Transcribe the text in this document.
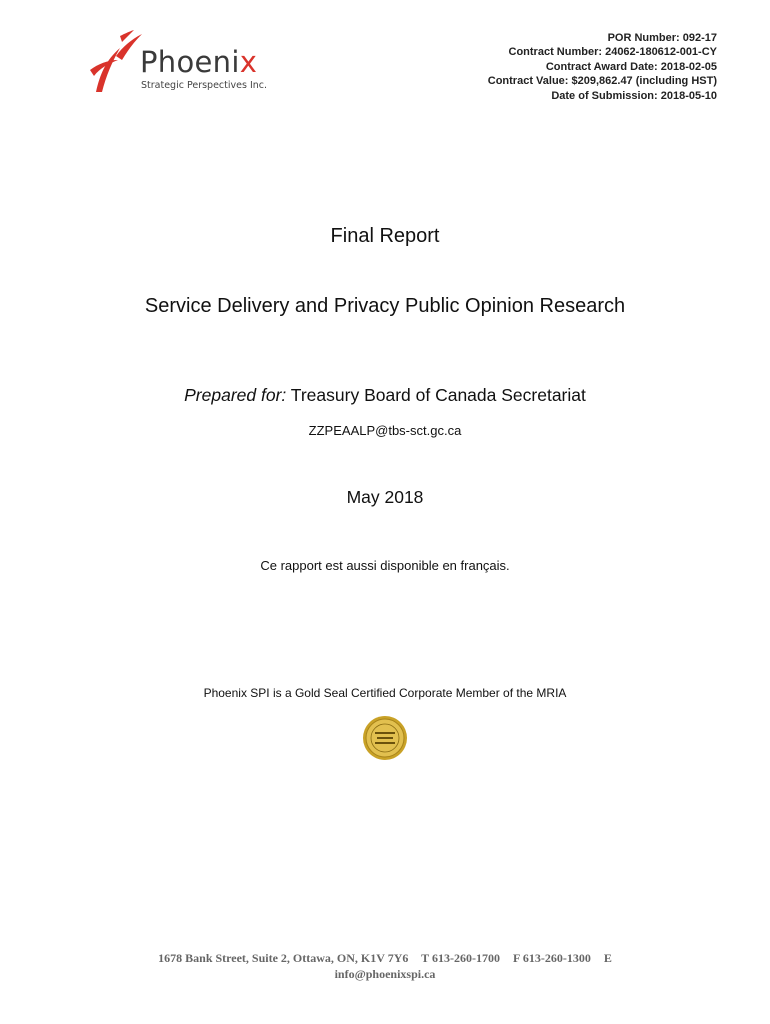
Phoenix
Strategic Perspectives Inc.
POR Number: 092-17
Contract Number: 24062-180612-001-CY
Contract Award Date: 2018-02-05
Contract Value: $209,862.47 (including HST)
Date of Submission: 2018-05-10
Final Report
Service Delivery and Privacy Public Opinion Research
Prepared for: Treasury Board of Canada Secretariat
ZZPEAALP@tbs-sct.gc.ca
May 2018
Ce rapport est aussi disponible en français.
Phoenix SPI is a Gold Seal Certified Corporate Member of the MRIA
1678 Bank Street, Suite 2, Ottawa, ON, K1V 7Y6 T 613-260-1700 F 613-260-1300 E
info@phoenixspi.ca
